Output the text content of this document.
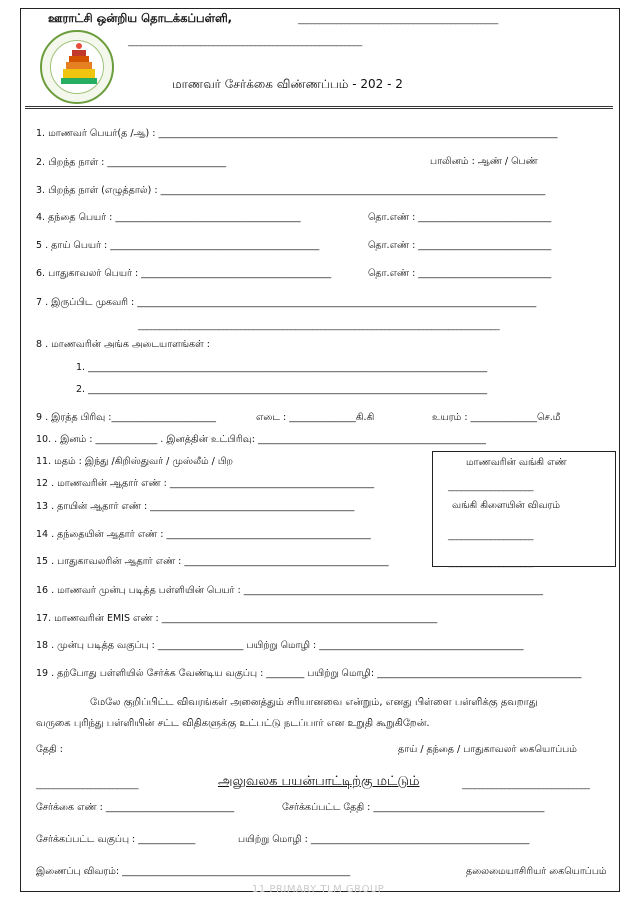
ஊராட்சி ஒன்றிய தொடக்கப்பள்ளி,	_______________________________________________
_______________________________________________________
மாணவர் சேர்க்கை விண்ணப்பம் - 202 - 2
1. மாணவர் பெயர்(த /ஆ) : ____________________________________________________________________________________
2. பிறந்த நாள் : _________________________	பாலினம் : ஆண் / பெண்
3. பிறந்த நாள் (எழுத்தால்) : _________________________________________________________________________________
4. தந்தை பெயர் : _______________________________________	தொ.எண் : ____________________________
5 . தாய் பெயர் : ____________________________________________	தொ.எண் : ____________________________
6. பாதுகாவலர் பெயர் : ________________________________________	தொ.எண் : ____________________________
7 . இருப்பிட முகவரி : ____________________________________________________________________________________
_____________________________________________________________________________________
8 . மாணவரின் அங்க அடையாளங்கள் :
1. ____________________________________________________________________________________
2. ____________________________________________________________________________________
9 . இரத்த பிரிவு :______________________	எடை : ______________கி.கி	உயரம் : ______________செ.மீ
10. . இனம் : _____________ . இனத்தின் உட்பிரிவு: ________________________________________________
11. மதம் : இந்து /கிறிஸ்துவர் / முஸ்லீம் / பிற
12 . மாணவரின் ஆதார் எண் : ___________________________________________
13 . தாயின் ஆதார் எண் : ___________________________________________
14 . தந்தையின் ஆதார் எண் : ___________________________________________
15 . பாதுகாவலரின் ஆதார் எண் : ___________________________________________
மாணவரின் வங்கி எண்
____________________
வங்கி கிளையின் விவரம்
____________________
____________________
16 . மாணவர் முன்பு படித்த பள்ளியின் பெயர் : _______________________________________________________________
17. மாணவரின் EMIS எண் : __________________________________________________________
18 . முன்பு படித்த வகுப்பு : __________________ பயிற்று மொழி : ___________________________________________
19 . தற்போது பள்ளியில் சேர்க்க வேண்டிய வகுப்பு : ________ பயிற்று மொழி: ___________________________________________
மேலே குறிப்பிட்ட விவரங்கள் அனைத்தும் சரியானவை என்றும், எனது பிள்ளை பள்ளிக்கு தவறாது
வருகை புரிந்து பள்ளியின் சட்ட விதிகளுக்கு உட்பட்டு நடப்பார் என உறுதி கூறுகிறேன்.
தேதி :	தாய் / தந்தை / பாதுகாவலர் கையொப்பம்
________________________	அலுவலக பயன்பாட்டிற்கு மட்டும்	______________________________
சேர்க்கை எண் : ___________________________	சேர்க்கப்பட்ட தேதி : ____________________________________
சேர்க்கப்பட்ட வகுப்பு : ____________	பயிற்று மொழி : ______________________________________________
இணைப்பு விவரம்: ________________________________________________	தலைமையாசிரியர் கையொப்பம்
11 PRIMARY TLM GROUP
